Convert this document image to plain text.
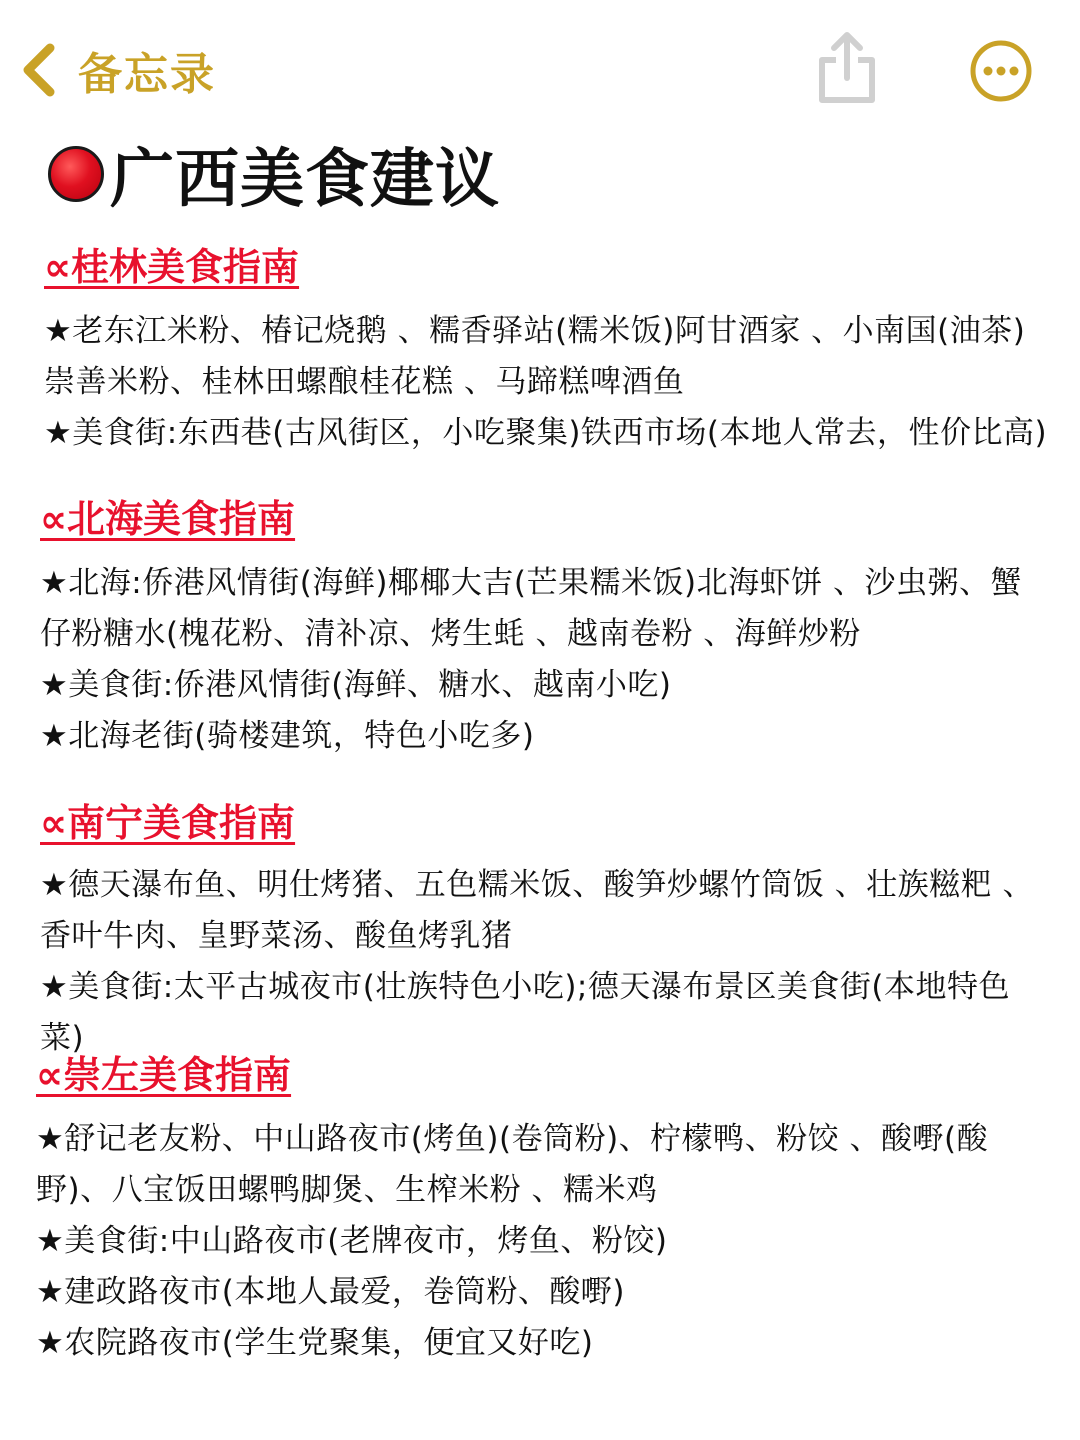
备忘录
广西美食建议
∝桂林美食指南

★老东江米粉、椿记烧鹅 、糯香驿站(糯米饭)阿甘酒家 、小南国(油茶)崇善米粉、桂林田螺酿桂花糕 、马蹄糕啤酒鱼

★美食街:东西巷(古风街区，小吃聚集)铁西市场(本地人常去，性价比高)

∝北海美食指南

★北海:侨港风情街(海鲜)椰椰大吉(芒果糯米饭)北海虾饼 、沙虫粥、蟹仔粉糖水(槐花粉、清补凉、烤生蚝 、越南卷粉 、海鲜炒粉

★美食街:侨港风情街(海鲜、糖水、越南小吃)

★北海老街(骑楼建筑，特色小吃多)

∝南宁美食指南

★德天瀑布鱼、明仕烤猪、五色糯米饭、酸笋炒螺竹筒饭 、壮族糍粑 、香叶牛肉、皇野菜汤、酸鱼烤乳猪

★美食街:太平古城夜市(壮族特色小吃);德天瀑布景区美食街(本地特色菜)

∝崇左美食指南

★舒记老友粉、中山路夜市(烤鱼)(卷筒粉)、柠檬鸭、粉饺 、酸嘢(酸野)、八宝饭田螺鸭脚煲、生榨米粉 、糯米鸡

★美食街:中山路夜市(老牌夜市，烤鱼、粉饺)

★建政路夜市(本地人最爱，卷筒粉、酸嘢)

★农院路夜市(学生党聚集，便宜又好吃)
